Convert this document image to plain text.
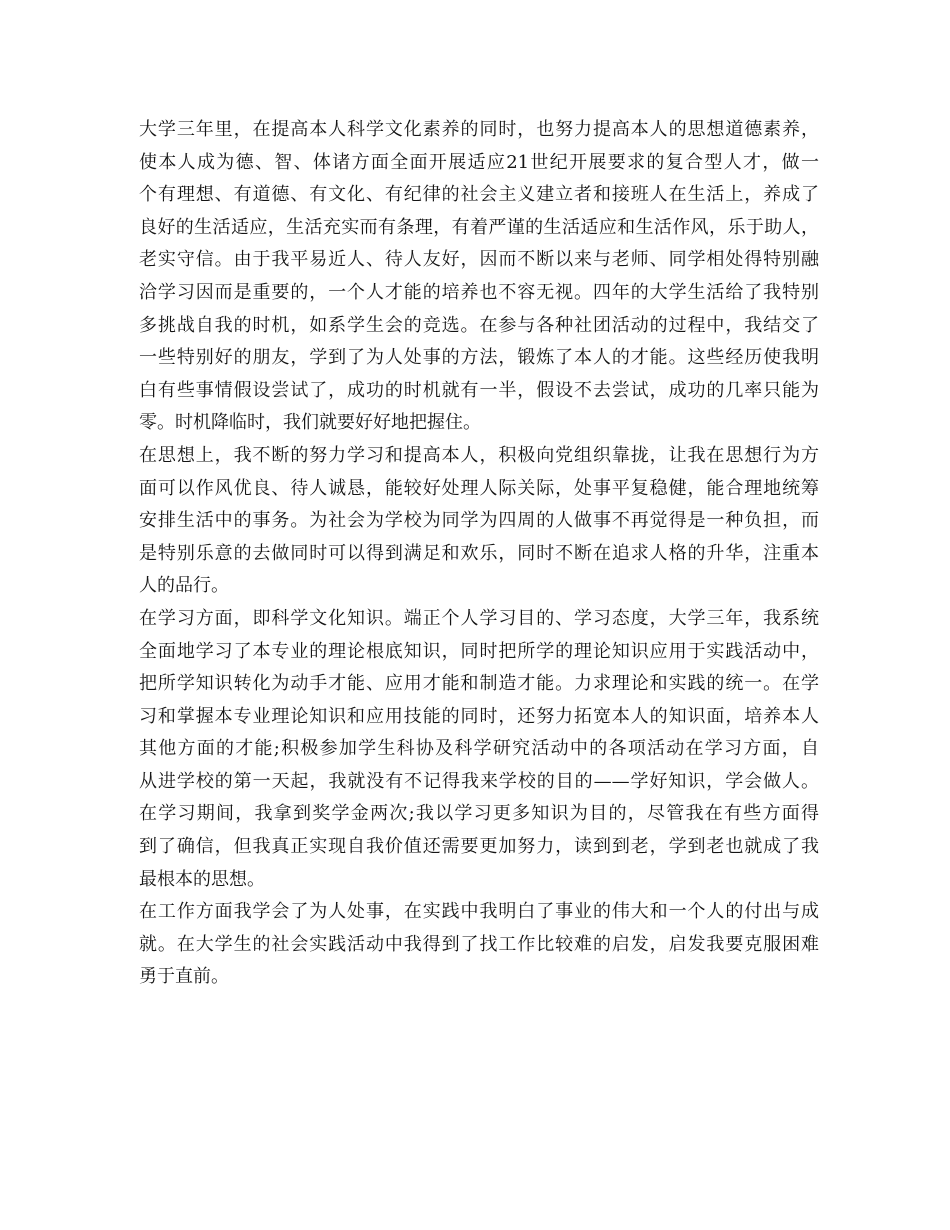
大学三年里，在提高本人科学文化素养的同时，也努力提高本人的思想道德素养，
使本人成为德、智、体诸方面全面开展适应21世纪开展要求的复合型人才，做一
个有理想、有道德、有文化、有纪律的社会主义建立者和接班人在生活上，养成了
良好的生活适应，生活充实而有条理，有着严谨的生活适应和生活作风，乐于助人，
老实守信。由于我平易近人、待人友好，因而不断以来与老师、同学相处得特别融
洽学习因而是重要的，一个人才能的培养也不容无视。四年的大学生活给了我特别
多挑战自我的时机，如系学生会的竞选。在参与各种社团活动的过程中，我结交了
一些特别好的朋友，学到了为人处事的方法，锻炼了本人的才能。这些经历使我明
白有些事情假设尝试了，成功的时机就有一半，假设不去尝试，成功的几率只能为
零。时机降临时，我们就要好好地把握住。
在思想上，我不断的努力学习和提高本人，积极向党组织靠拢，让我在思想行为方
面可以作风优良、待人诚恳，能较好处理人际关际，处事平复稳健，能合理地统筹
安排生活中的事务。为社会为学校为同学为四周的人做事不再觉得是一种负担，而
是特别乐意的去做同时可以得到满足和欢乐，同时不断在追求人格的升华，注重本
人的品行。
在学习方面，即科学文化知识。端正个人学习目的、学习态度，大学三年，我系统
全面地学习了本专业的理论根底知识，同时把所学的理论知识应用于实践活动中，
把所学知识转化为动手才能、应用才能和制造才能。力求理论和实践的统一。在学
习和掌握本专业理论知识和应用技能的同时，还努力拓宽本人的知识面，培养本人
其他方面的才能;积极参加学生科协及科学研究活动中的各项活动在学习方面，自
从进学校的第一天起，我就没有不记得我来学校的目的——学好知识，学会做人。
在学习期间，我拿到奖学金两次;我以学习更多知识为目的，尽管我在有些方面得
到了确信，但我真正实现自我价值还需要更加努力，读到到老，学到老也就成了我
最根本的思想。
在工作方面我学会了为人处事，在实践中我明白了事业的伟大和一个人的付出与成
就。在大学生的社会实践活动中我得到了找工作比较难的启发，启发我要克服困难
勇于直前。
